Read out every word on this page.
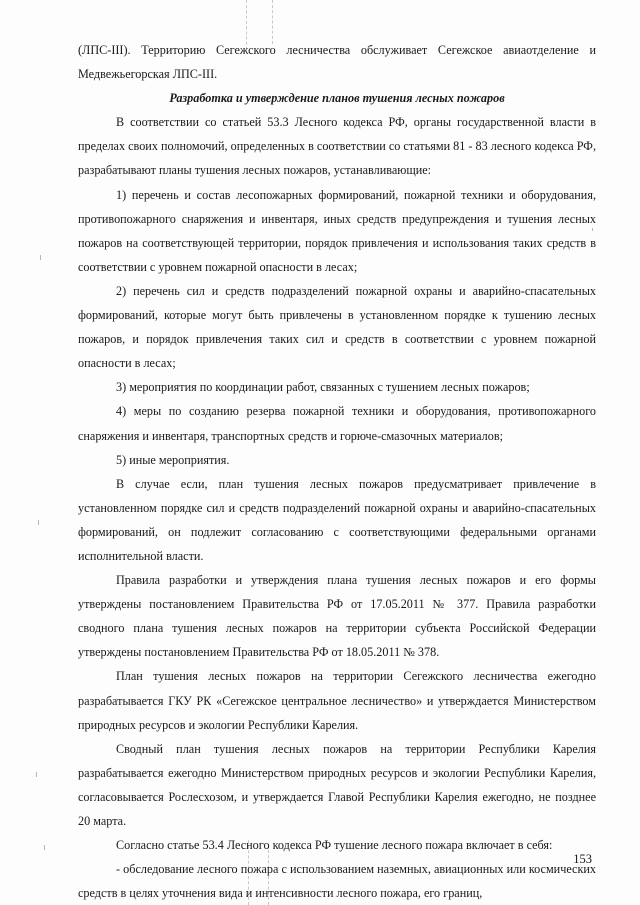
(ЛПС-III). Территорию Сегежского лесничества обслуживает Сегежское авиаотделение и Медвежьегорская ЛПС-III.

Разработка и утверждение планов тушения лесных пожаров

В соответствии со статьей 53.3 Лесного кодекса РФ, органы государственной власти в пределах своих полномочий, определенных в соответствии со статьями 81 - 83 лесного кодекса РФ, разрабатывают планы тушения лесных пожаров, устанавливающие:

1) перечень и состав лесопожарных формирований, пожарной техники и оборудования, противопожарного снаряжения и инвентаря, иных средств предупреждения и тушения лесных пожаров на соответствующей территории, порядок привлечения и использования таких средств в соответствии с уровнем пожарной опасности в лесах;

2) перечень сил и средств подразделений пожарной охраны и аварийно-спасательных формирований, которые могут быть привлечены в установленном порядке к тушению лесных пожаров, и порядок привлечения таких сил и средств в соответствии с уровнем пожарной опасности в лесах;

3) мероприятия по координации работ, связанных с тушением лесных пожаров;

4) меры по созданию резерва пожарной техники и оборудования, противопожарного снаряжения и инвентаря, транспортных средств и горюче-смазочных материалов;

5) иные мероприятия.

В случае если, план тушения лесных пожаров предусматривает привлечение в установленном порядке сил и средств подразделений пожарной охраны и аварийно-спасательных формирований, он подлежит согласованию с соответствующими федеральными органами исполнительной власти.

Правила разработки и утверждения плана тушения лесных пожаров и его формы утверждены постановлением Правительства РФ от 17.05.2011 № 377. Правила разработки сводного плана тушения лесных пожаров на территории субъекта Российской Федерации утверждены постановлением Правительства РФ от 18.05.2011 № 378.

План тушения лесных пожаров на территории Сегежского лесничества ежегодно разрабатывается ГКУ РК «Сегежское центральное лесничество» и утверждается Министерством природных ресурсов и экологии Республики Карелия.

Сводный план тушения лесных пожаров на территории Республики Карелия разрабатывается ежегодно Министерством природных ресурсов и экологии Республики Карелия, согласовывается Рослесхозом, и утверждается Главой Республики Карелия ежегодно, не позднее 20 марта.

Согласно статье 53.4 Лесного кодекса РФ тушение лесного пожара включает в себя:

- обследование лесного пожара с использованием наземных, авиационных или космических средств в целях уточнения вида и интенсивности лесного пожара, его границ,

153
